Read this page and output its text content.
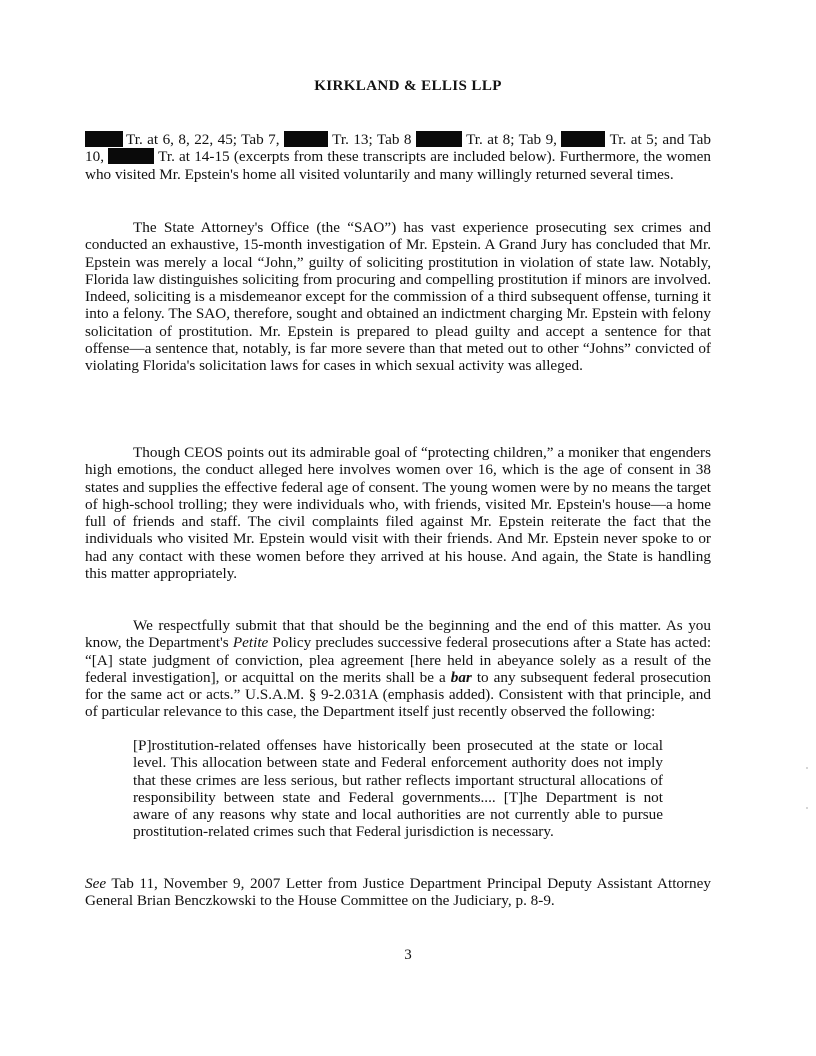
KIRKLAND & ELLIS LLP

Tr. at 6, 8, 22, 45; Tab 7,	Tr. 13; Tab 8	Tr. at 8; Tab 9,	Tr. at 5; and Tab 10,	Tr. at 14-15 (excerpts from these transcripts are included below). Furthermore, the women who visited Mr. Epstein's home all visited voluntarily and many willingly returned several times.

The State Attorney's Office (the “SAO”) has vast experience prosecuting sex crimes and conducted an exhaustive, 15-month investigation of Mr. Epstein. A Grand Jury has concluded that Mr. Epstein was merely a local “John,” guilty of soliciting prostitution in violation of state law. Notably, Florida law distinguishes soliciting from procuring and compelling prostitution if minors are involved. Indeed, soliciting is a misdemeanor except for the commission of a third subsequent offense, turning it into a felony. The SAO, therefore, sought and obtained an indictment charging Mr. Epstein with felony solicitation of prostitution. Mr. Epstein is prepared to plead guilty and accept a sentence for that offense—a sentence that, notably, is far more severe than that meted out to other “Johns” convicted of violating Florida's solicitation laws for cases in which sexual activity was alleged.

Though CEOS points out its admirable goal of “protecting children,” a moniker that engenders high emotions, the conduct alleged here involves women over 16, which is the age of consent in 38 states and supplies the effective federal age of consent. The young women were by no means the target of high-school trolling; they were individuals who, with friends, visited Mr. Epstein's house—a home full of friends and staff. The civil complaints filed against Mr. Epstein reiterate the fact that the individuals who visited Mr. Epstein would visit with their friends. And Mr. Epstein never spoke to or had any contact with these women before they arrived at his house. And again, the State is handling this matter appropriately.

We respectfully submit that that should be the beginning and the end of this matter. As you know, the Department's Petite Policy precludes successive federal prosecutions after a State has acted: “[A] state judgment of conviction, plea agreement [here held in abeyance solely as a result of the federal investigation], or acquittal on the merits shall be a bar to any subsequent federal prosecution for the same act or acts.” U.S.A.M. § 9-2.031A (emphasis added). Consistent with that principle, and of particular relevance to this case, the Department itself just recently observed the following:

[P]rostitution-related offenses have historically been prosecuted at the state or local level. This allocation between state and Federal enforcement authority does not imply that these crimes are less serious, but rather reflects important structural allocations of responsibility between state and Federal governments.... [T]he Department is not aware of any reasons why state and local authorities are not currently able to pursue prostitution-related crimes such that Federal jurisdiction is necessary.

See Tab 11, November 9, 2007 Letter from Justice Department Principal Deputy Assistant Attorney General Brian Benczkowski to the House Committee on the Judiciary, p. 8-9.

3
